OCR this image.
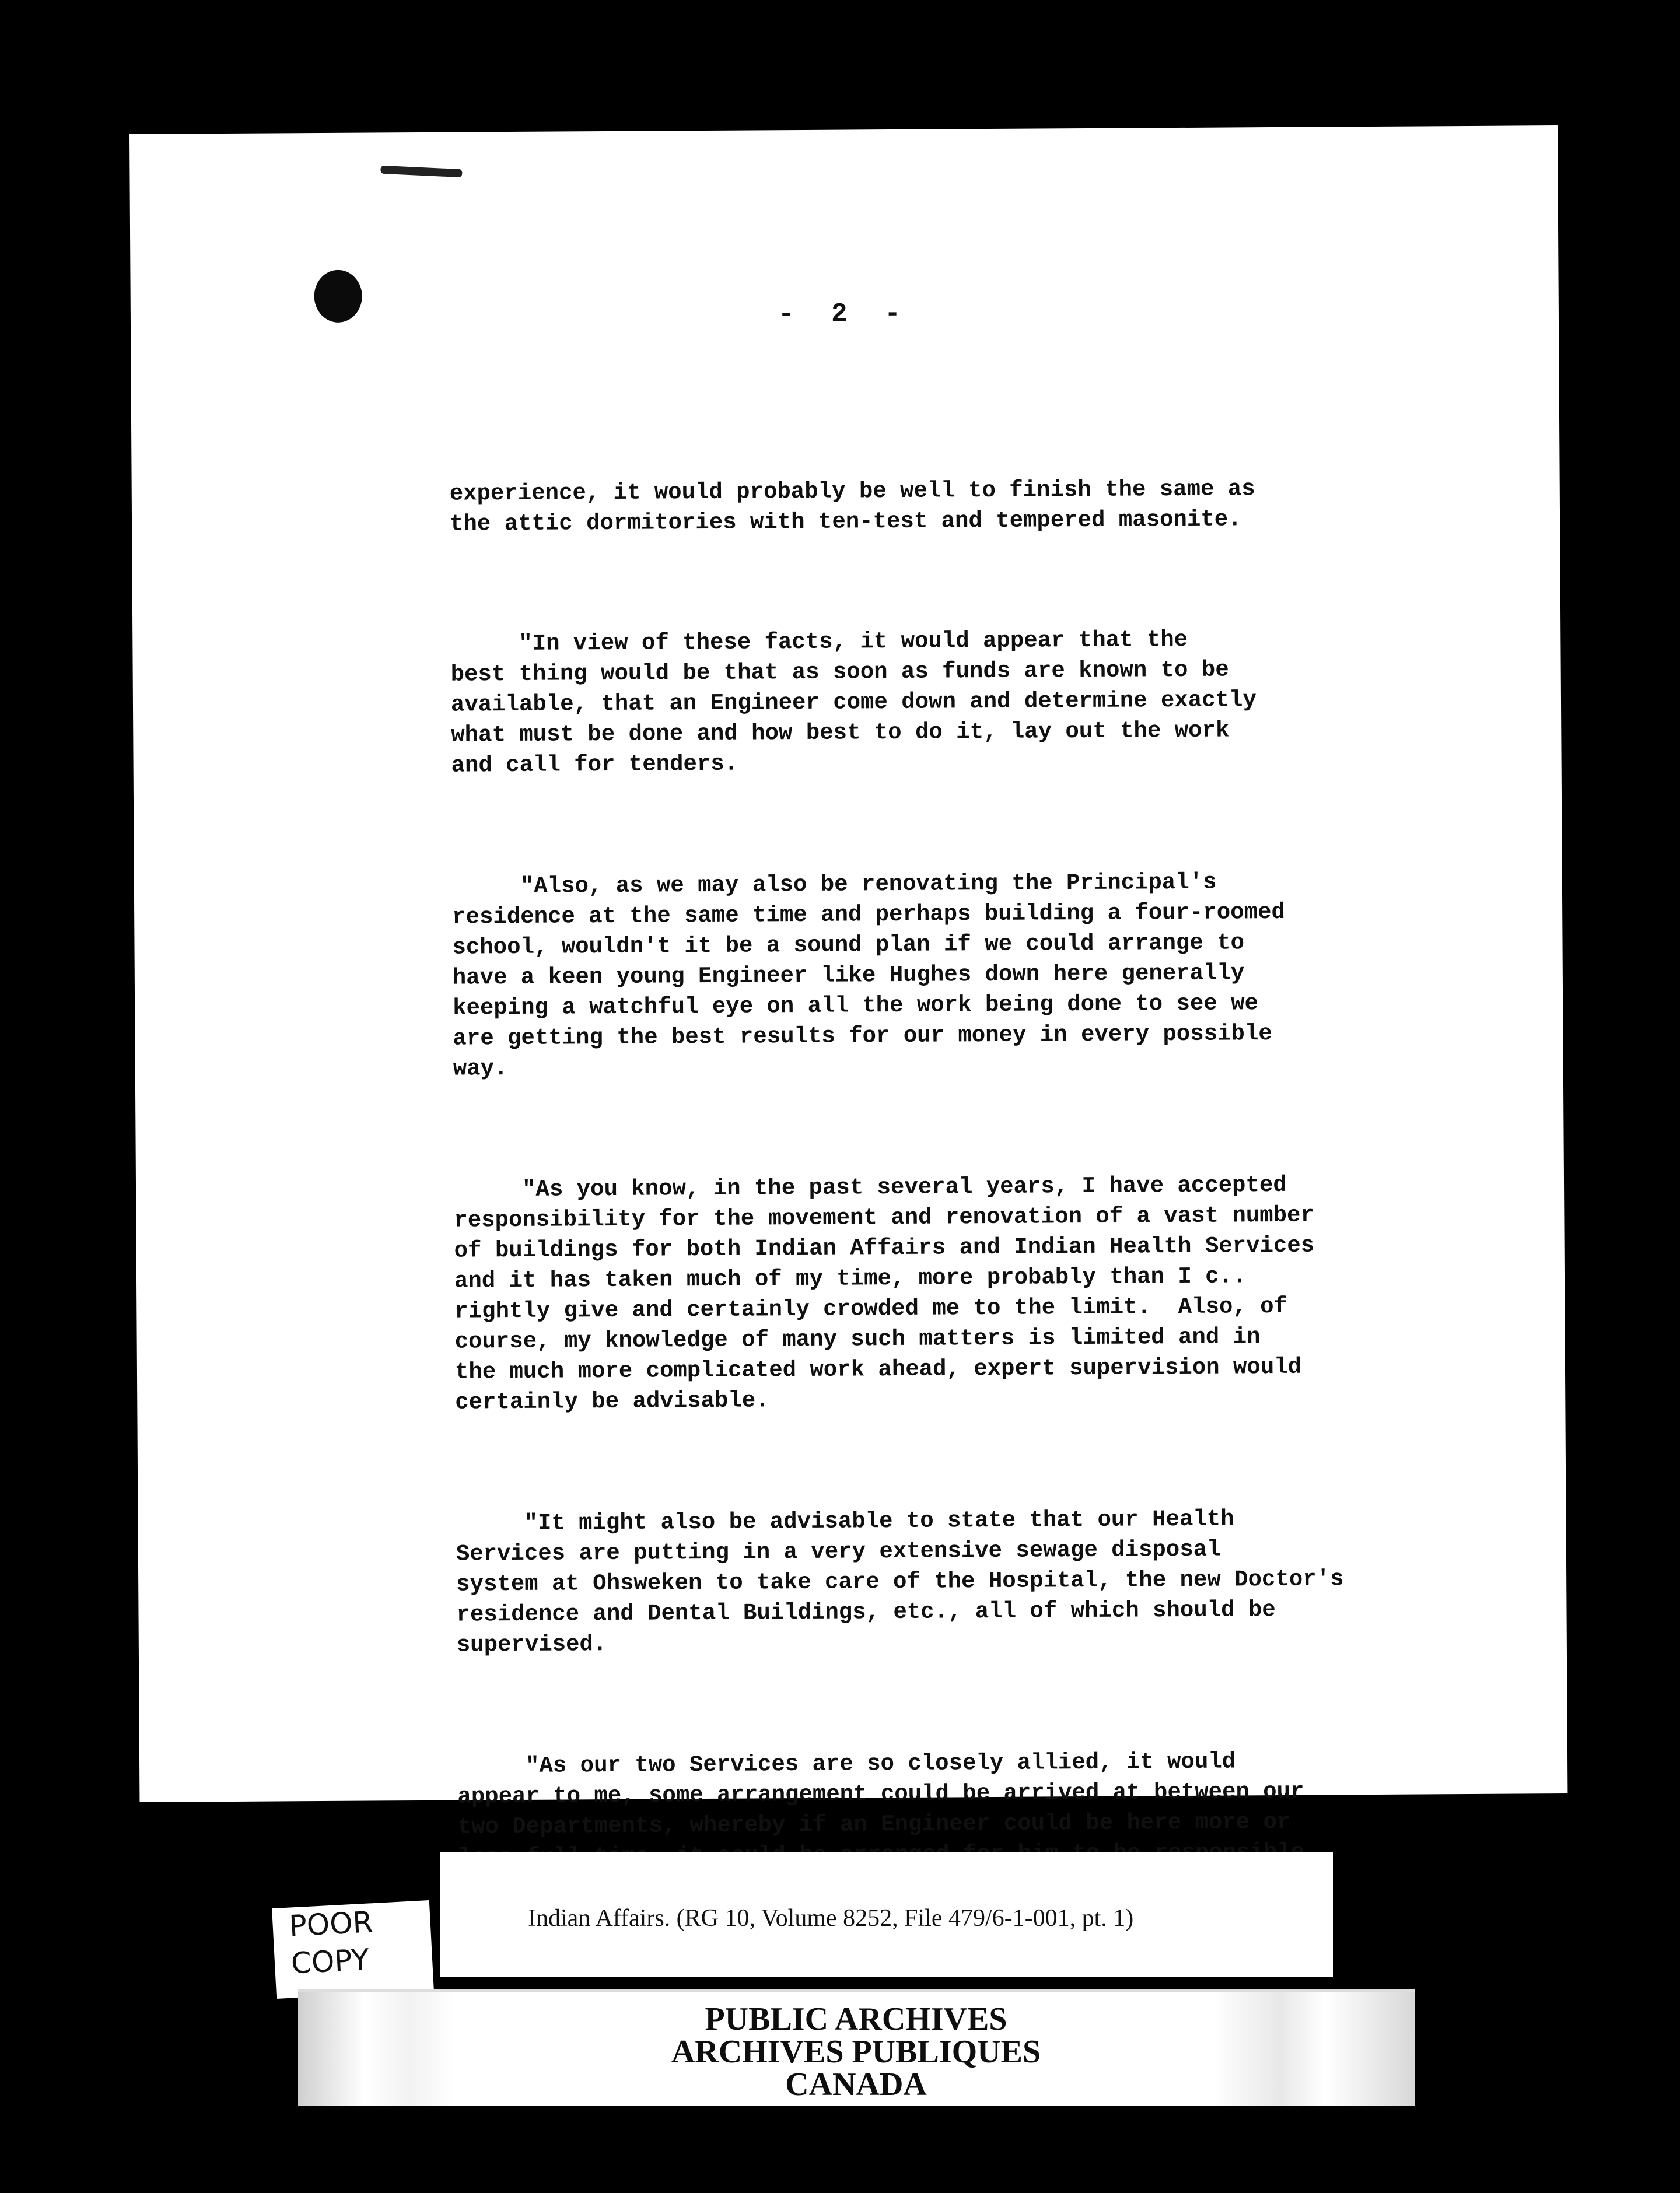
- 2 -

experience, it would probably be well to finish the same as
the attic dormitories with ten-test and tempered masonite.

"In view of these facts, it would appear that the
best thing would be that as soon as funds are known to be
available, that an Engineer come down and determine exactly
what must be done and how best to do it, lay out the work
and call for tenders.

"Also, as we may also be renovating the Principal's
residence at the same time and perhaps building a four-roomed
school, wouldn't it be a sound plan if we could arrange to
have a keen young Engineer like Hughes down here generally
keeping a watchful eye on all the work being done to see we
are getting the best results for our money in every possible
way.

"As you know, in the past several years, I have accepted
responsibility for the movement and renovation of a vast number
of buildings for both Indian Affairs and Indian Health Services
and it has taken much of my time, more probably than I c..
rightly give and certainly crowded me to the limit.  Also, of
course, my knowledge of many such matters is limited and in
the much more complicated work ahead, expert supervision would
certainly be advisable.

"It might also be advisable to state that our Health
Services are putting in a very extensive sewage disposal
system at Ohsweken to take care of the Hospital, the new Doctor's
residence and Dental Buildings, etc., all of which should be
supervised.

"As our two Services are so closely allied, it would
appear to me, some arrangement could be arrived at between our
two Departments, whereby if an Engineer could be here more or

POOR
COPY
Indian Affairs. (RG 10, Volume 8252, File 479/6-1-001, pt. 1)
PUBLIC ARCHIVES
ARCHIVES PUBLIQUES
CANADA
